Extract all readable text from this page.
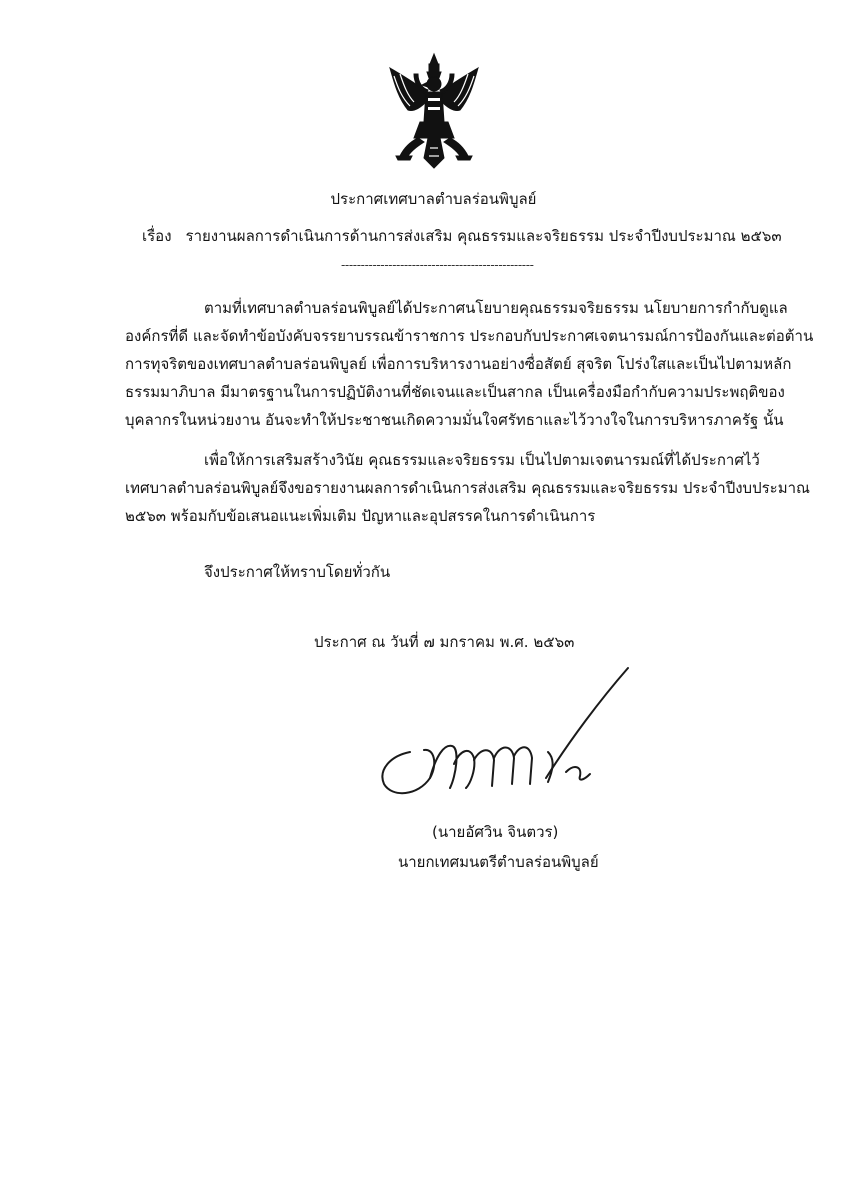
ประกาศเทศบาลตำบลร่อนพิบูลย์
เรื่อง รายงานผลการดำเนินการด้านการส่งเสริม คุณธรรมและจริยธรรม ประจำปีงบประมาณ ๒๕๖๓
-------------------------------------------------
ตามที่เทศบาลตำบลร่อนพิบูลย์ได้ประกาศนโยบายคุณธรรมจริยธรรม นโยบายการกำกับดูแล
องค์กรที่ดี และจัดทำข้อบังคับจรรยาบรรณข้าราชการ ประกอบกับประกาศเจตนารมณ์การป้องกันและต่อต้าน
การทุจริตของเทศบาลตำบลร่อนพิบูลย์ เพื่อการบริหารงานอย่างซื่อสัตย์ สุจริต โปร่งใสและเป็นไปตามหลัก
ธรรมมาภิบาล มีมาตรฐานในการปฏิบัติงานที่ชัดเจนและเป็นสากล เป็นเครื่องมือกำกับความประพฤติของ
บุคลากรในหน่วยงาน อันจะทำให้ประชาชนเกิดความมั่นใจศรัทธาและไว้วางใจในการบริหารภาครัฐ นั้น
เพื่อให้การเสริมสร้างวินัย คุณธรรมและจริยธรรม เป็นไปตามเจตนารมณ์ที่ได้ประกาศไว้
เทศบาลตำบลร่อนพิบูลย์จึงขอรายงานผลการดำเนินการส่งเสริม คุณธรรมและจริยธรรม ประจำปีงบประมาณ
๒๕๖๓ พร้อมกับข้อเสนอแนะเพิ่มเติม ปัญหาและอุปสรรคในการดำเนินการ
จึงประกาศให้ทราบโดยทั่วกัน
ประกาศ ณ วันที่ ๗ มกราคม พ.ศ. ๒๕๖๓
(นายอัศวิน จินตวร)
นายกเทศมนตรีตำบลร่อนพิบูลย์
